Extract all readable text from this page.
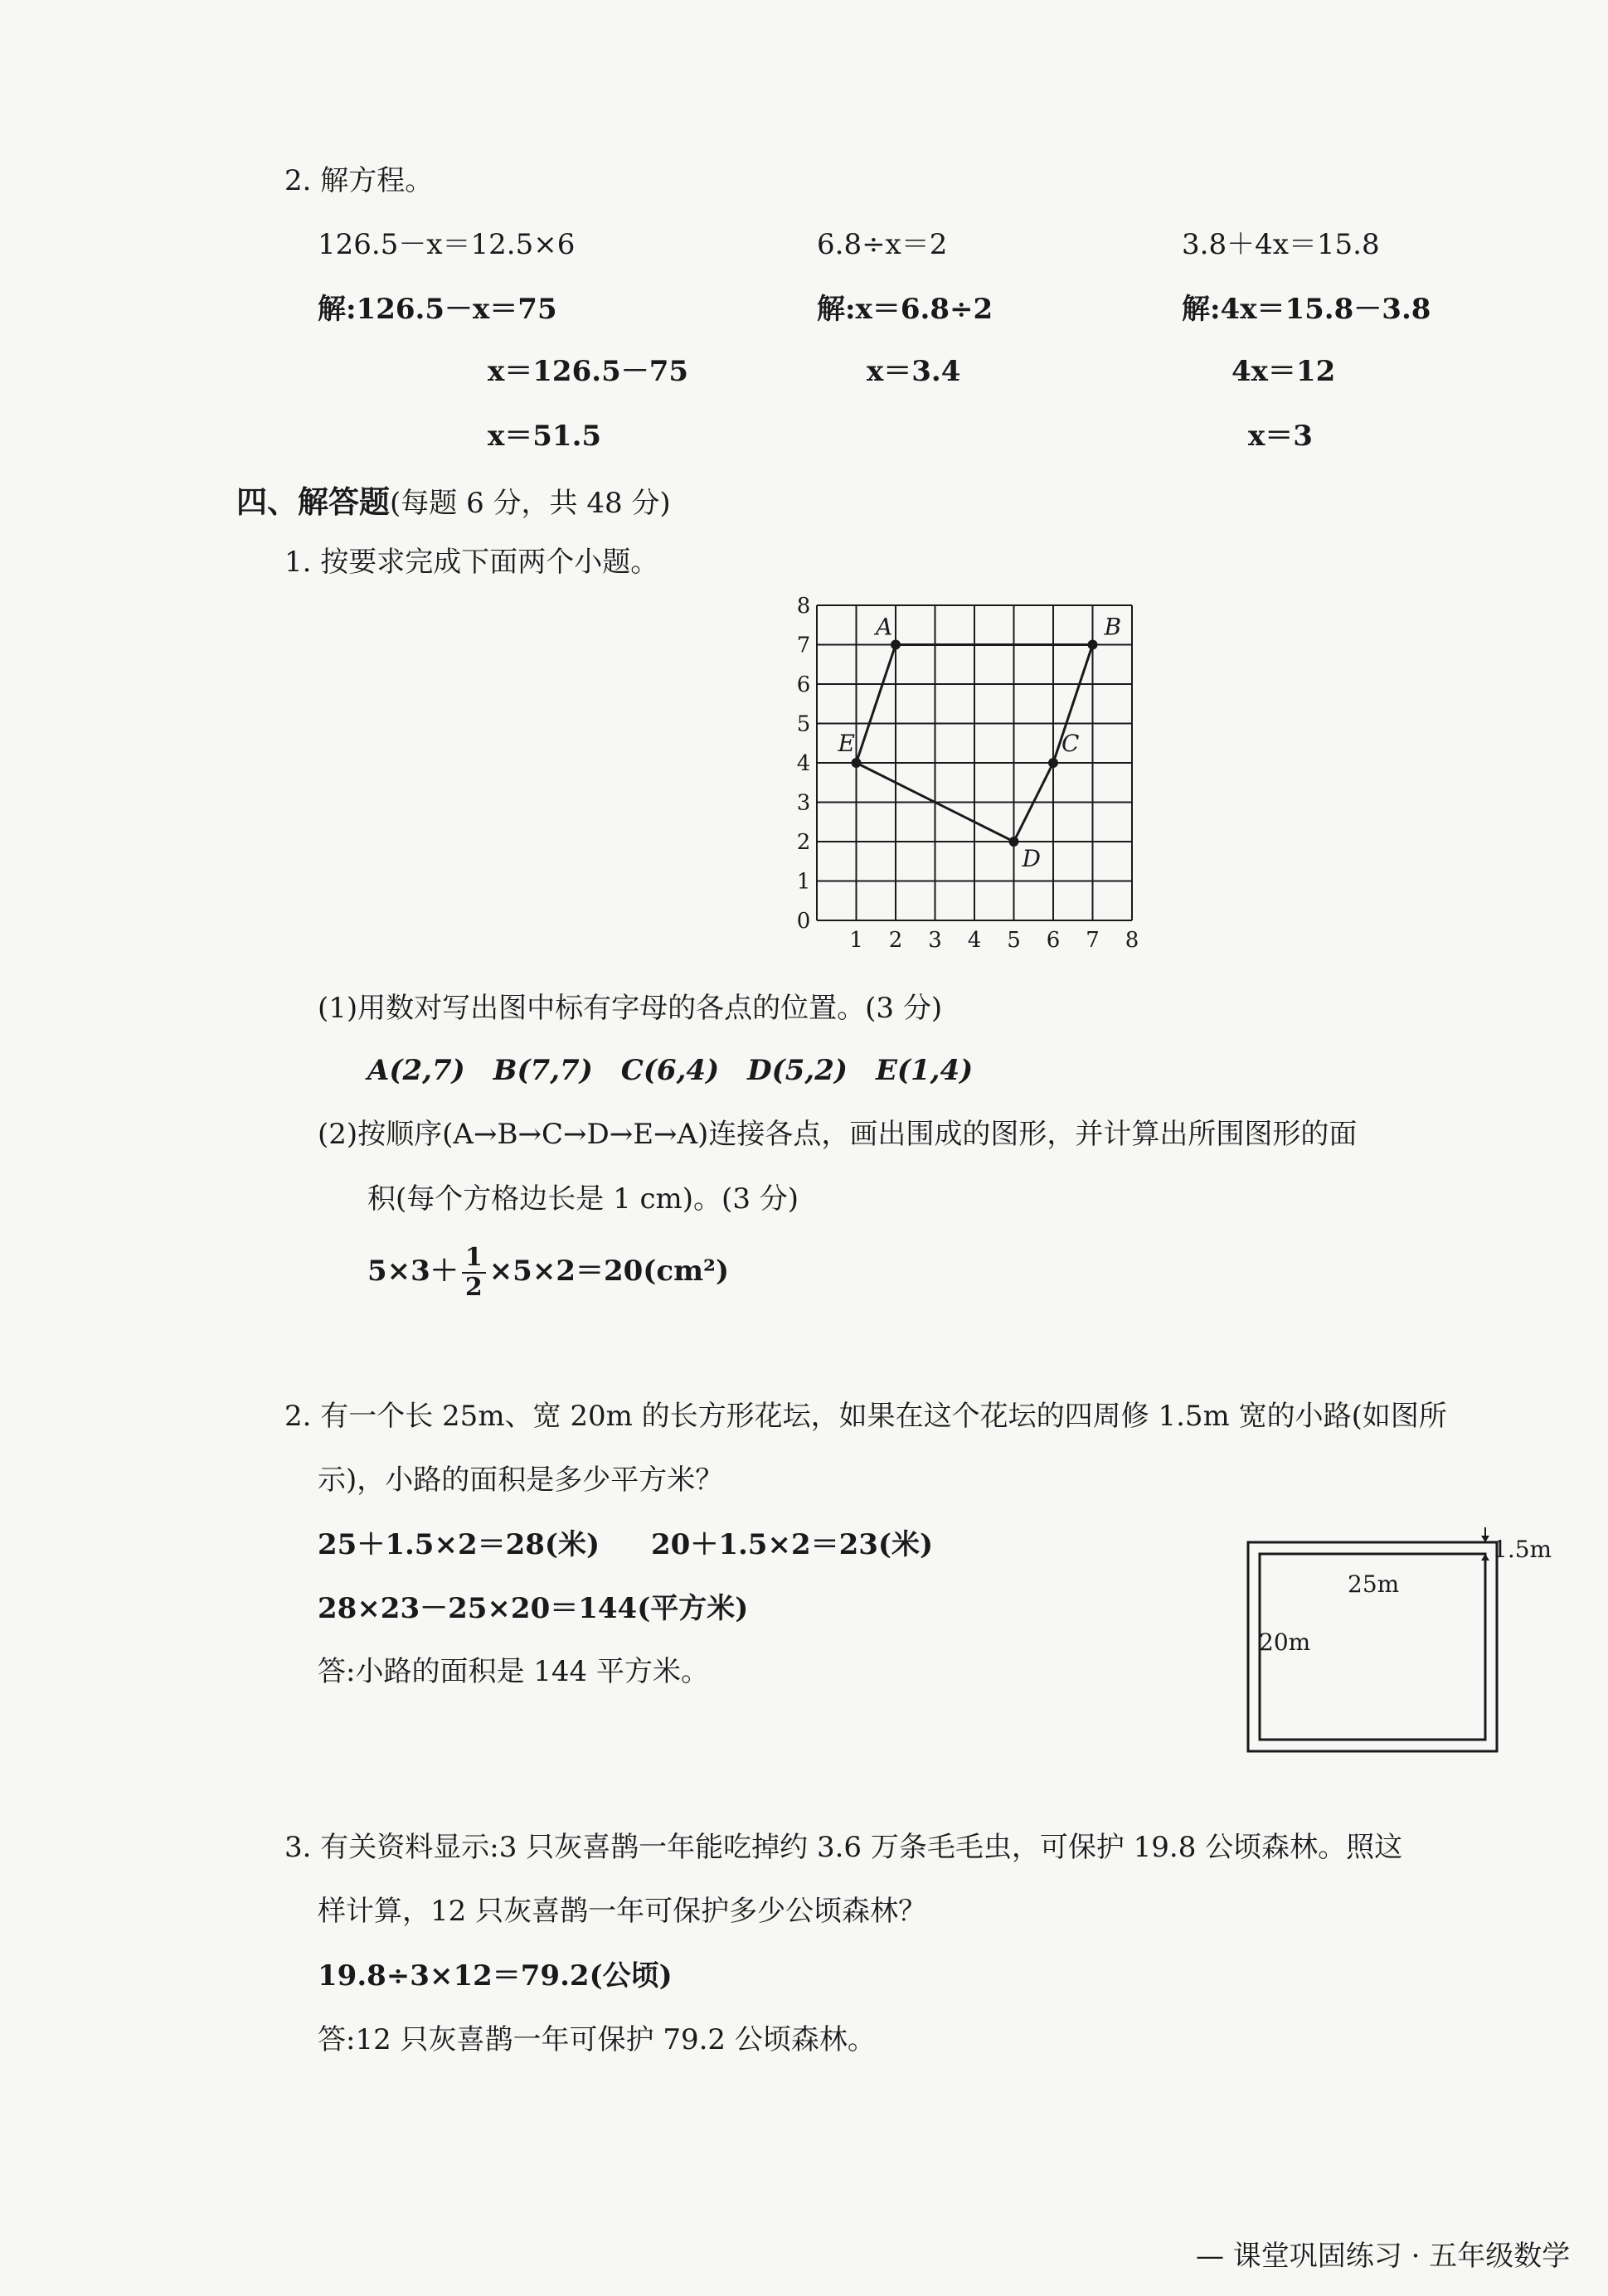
2. 解方程。
126.5－x＝12.5×6
解:126.5－x＝75
x＝126.5－75
x＝51.5
6.8÷x＝2
解:x＝6.8÷2
x＝3.4
3.8＋4x＝15.8
解:4x＝15.8－3.8
4x＝12
x＝3
四、解答题(每题 6 分，共 48 分)
1. 按要求完成下面两个小题。
1 2 3 4 5 6 7 8
0
1
2
3
4
5
6
7
8
A	B
C
D
E
(1)用数对写出图中标有字母的各点的位置。(3 分)
A(2,7)　 B(7,7)　 C(6,4)　 D(5,2)　 E(1,4)
(2)按顺序(A→B→C→D→E→A)连接各点，画出围成的图形，并计算出所围图形的面
积(每个方格边长是 1 cm)。(3 分)
$5\times 3+ \frac{1}{2} \times 5\times 2=20(cm^2)$
2. 有一个长 25m、宽 20m 的长方形花坛，如果在这个花坛的四周修 1.5m 宽的小路(如图所
示)，小路的面积是多少平方米？
25＋1.5×2＝28(米) 20＋1.5×2＝23(米)
28×23－25×20＝144(平方米)
答:小路的面积是 144 平方米。
1.5m
25m
20m
3. 有关资料显示:3 只灰喜鹊一年能吃掉约 3.6 万条毛毛虫，可保护 19.8 公顷森林。照这
样计算，12 只灰喜鹊一年可保护多少公顷森林？
19.8÷3×12＝79.2(公顷)
答:12 只灰喜鹊一年可保护 79.2 公顷森林。
— 课堂巩固练习 · 五年级数学
